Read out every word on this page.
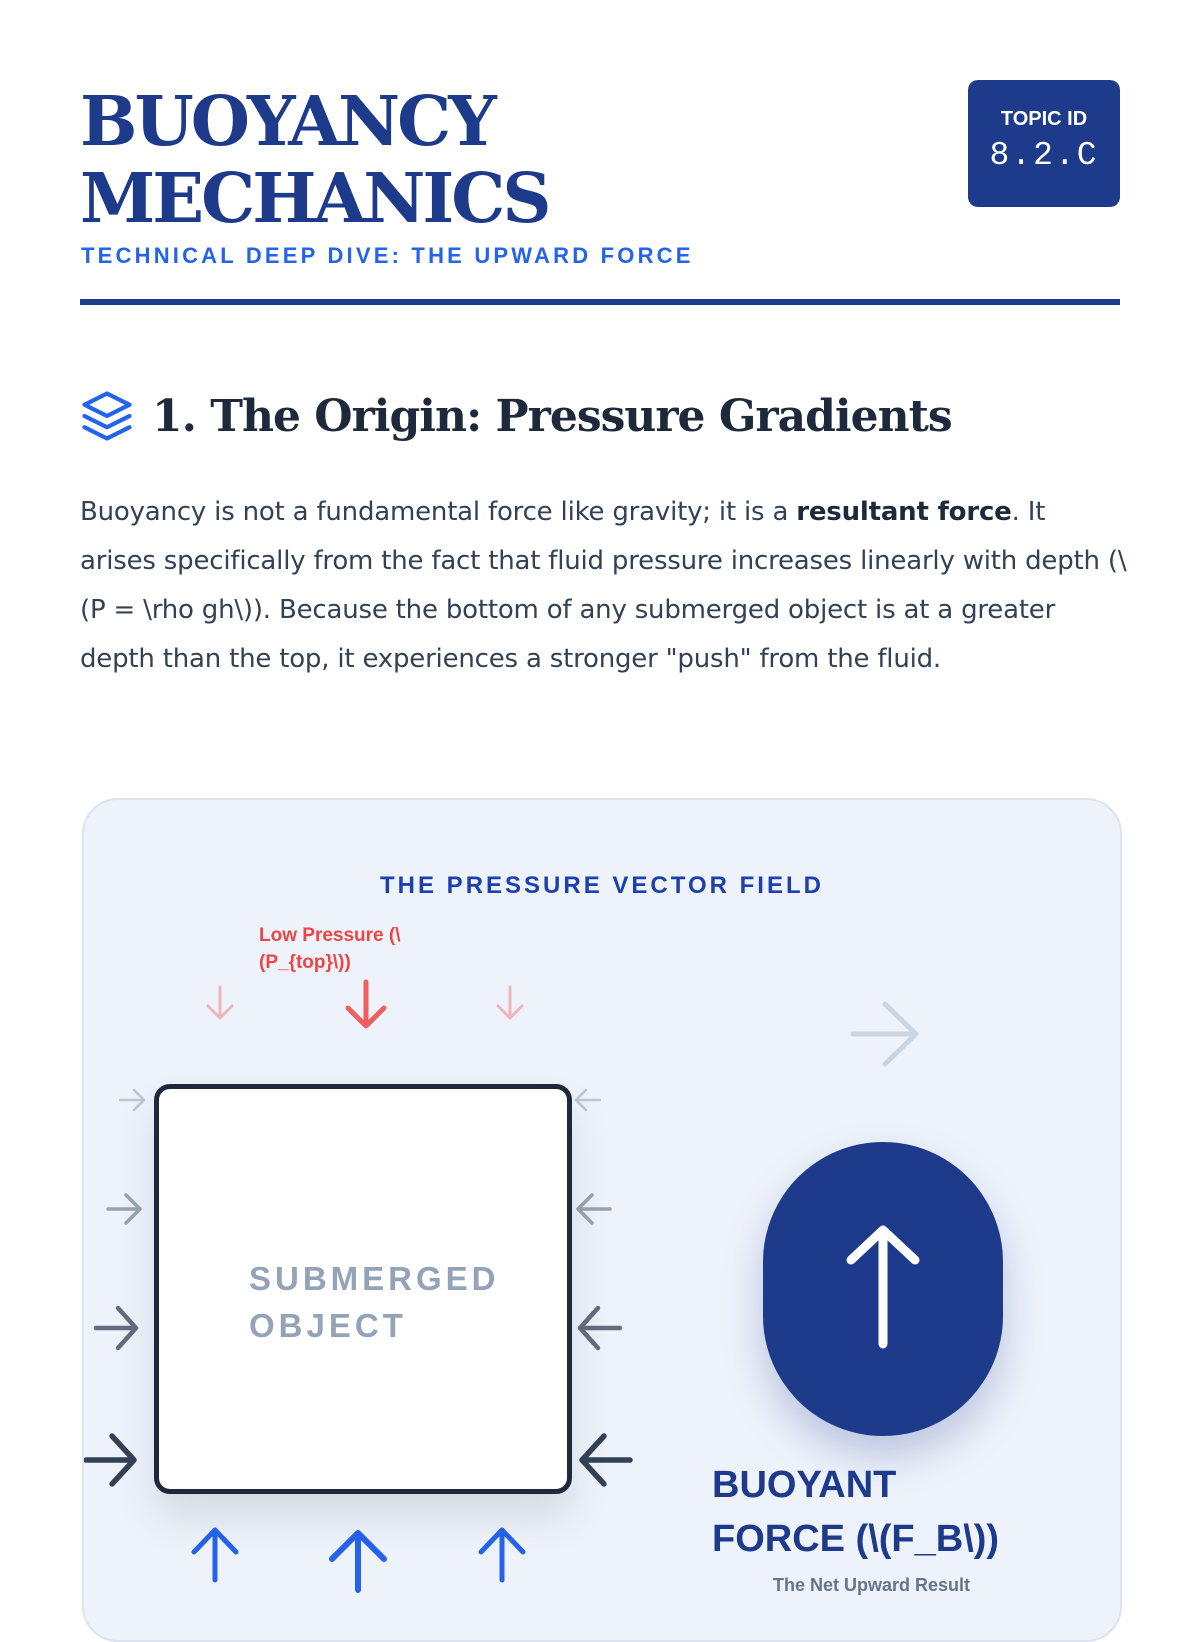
BUOYANCY
MECHANICS
TECHNICAL DEEP DIVE: THE UPWARD FORCE
TOPIC ID
8.2.C
1. The Origin: Pressure Gradients

Buoyancy is not a fundamental force like gravity; it is a resultant force. It arises specifically from the fact that fluid pressure increases linearly with depth (\(P = \rho gh\)). Because the bottom of any submerged object is at a greater depth than the top, it experiences a stronger "push" from the fluid.

THE PRESSURE VECTOR FIELD
Low Pressure (\
(P_{top}\))
SUBMERGED
OBJECT
BUOYANT
FORCE (\(F_B\))
The Net Upward Result
